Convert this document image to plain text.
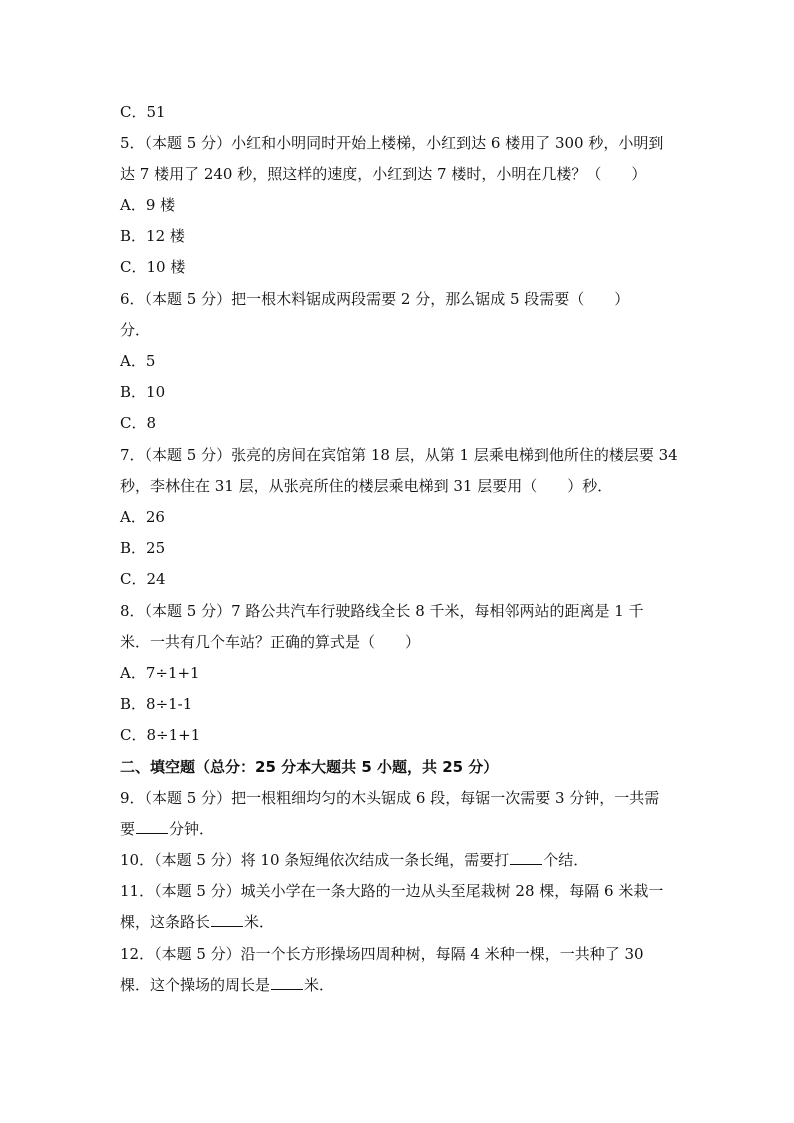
C．51
5．（本题 5 分）小红和小明同时开始上楼梯，小红到达 6 楼用了 300 秒，小明到
达 7 楼用了 240 秒，照这样的速度，小红到达 7 楼时，小明在几楼？（　　）
A．9 楼
B．12 楼
C．10 楼
6．（本题 5 分）把一根木料锯成两段需要 2 分，那么锯成 5 段需要（　　）
分．
A．5
B．10
C．8
7．（本题 5 分）张亮的房间在宾馆第 18 层，从第 1 层乘电梯到他所住的楼层要 34
秒，李林住在 31 层，从张亮所住的楼层乘电梯到 31 层要用（　　）秒．
A．26
B．25
C．24
8．（本题 5 分）7 路公共汽车行驶路线全长 8 千米，每相邻两站的距离是 1 千
米．一共有几个车站？正确的算式是（　　）
A．7÷1+1
B．8÷1-1
C．8÷1+1
二、填空题（总分：25 分本大题共 5 小题，共 25 分）
9．（本题 5 分）把一根粗细均匀的木头锯成 6 段，每锯一次需要 3 分钟，一共需
要 分钟．
10．（本题 5 分）将 10 条短绳依次结成一条长绳，需要打 个结．
11．（本题 5 分）城关小学在一条大路的一边从头至尾栽树 28 棵，每隔 6 米栽一
棵，这条路长 米．
12．（本题 5 分）沿一个长方形操场四周种树，每隔 4 米种一棵，一共种了 30
棵．这个操场的周长是 米．
